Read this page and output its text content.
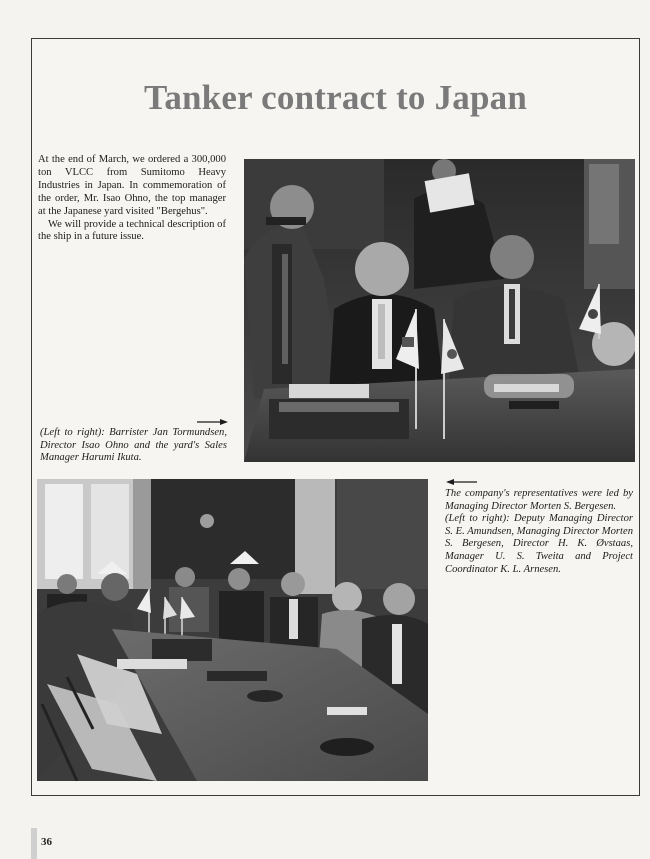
Tanker contract to Japan

At the end of March, we ordered a 300,000 ton VLCC from Sumitomo Heavy Industries in Japan. In commemoration of the order, Mr. Isao Ohno, the top manager at the Japanese yard visited "Bergehus".

We will provide a technical description of the ship in a future issue.

(Left to right): Barrister Jan Tormundsen, Director Isao Ohno and the yard's Sales Manager Harumi Ikuta.

The company's representatives were led by Managing Director Morten S. Bergesen.

(Left to right): Deputy Managing Director S. E. Amundsen, Managing Director Morten S. Bergesen, Director H. K. Øvstaas, Manager U. S. Tweita and Project Coordinator K. L. Arnesen.

36
